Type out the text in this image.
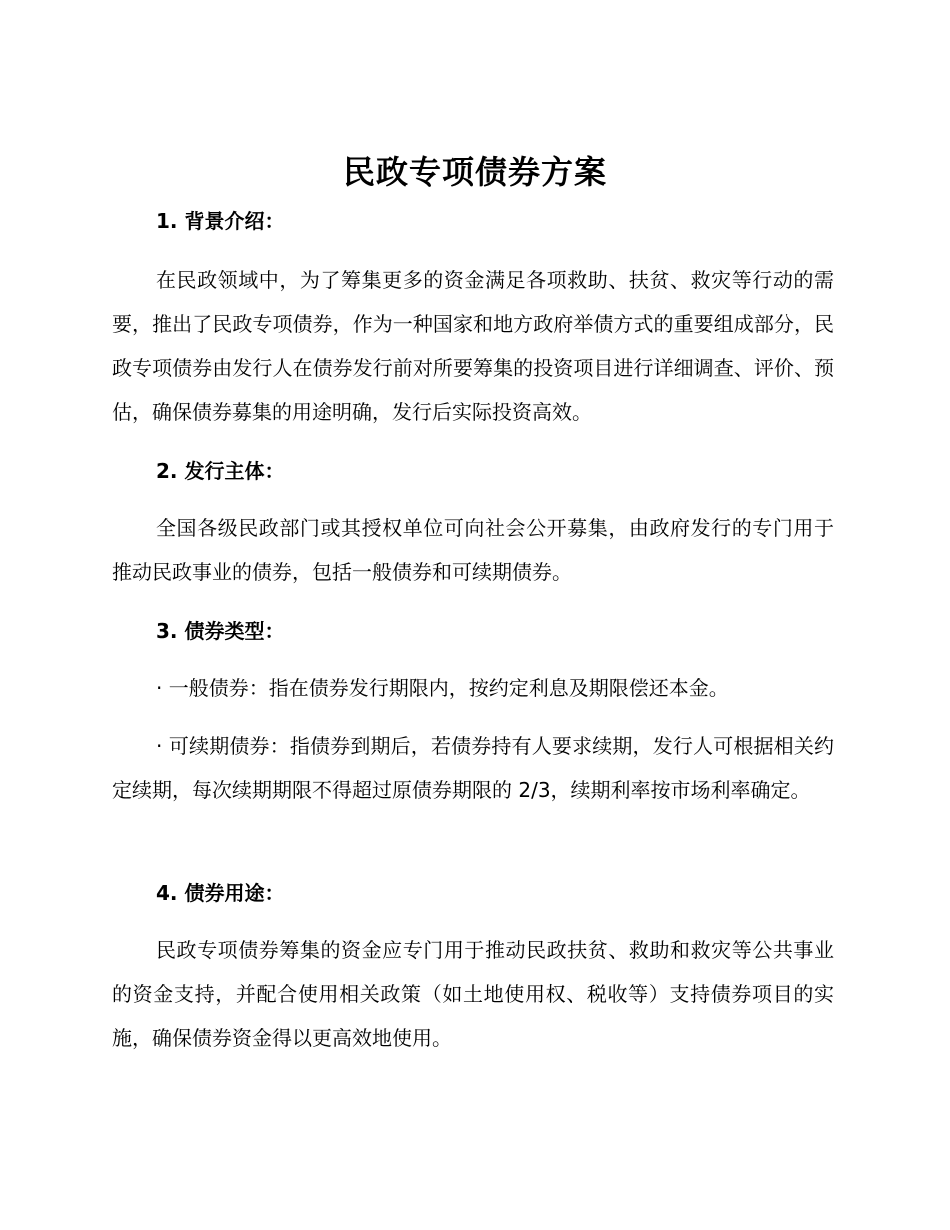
民政专项债券方案
1. 背景介绍：

在民政领域中，为了筹集更多的资金满足各项救助、扶贫、救灾等行动的需要，推出了民政专项债券，作为一种国家和地方政府举债方式的重要组成部分，民政专项债券由发行人在债券发行前对所要筹集的投资项目进行详细调查、评价、预估，确保债券募集的用途明确，发行后实际投资高效。

2. 发行主体：

全国各级民政部门或其授权单位可向社会公开募集，由政府发行的专门用于推动民政事业的债券，包括一般债券和可续期债券。

3. 债券类型：

· 一般债券：指在债券发行期限内，按约定利息及期限偿还本金。

· 可续期债券：指债券到期后，若债券持有人要求续期，发行人可根据相关约定续期，每次续期期限不得超过原债券期限的 2/3，续期利率按市场利率确定。

4. 债券用途：

民政专项债券筹集的资金应专门用于推动民政扶贫、救助和救灾等公共事业的资金支持，并配合使用相关政策（如土地使用权、税收等）支持债券项目的实施，确保债券资金得以更高效地使用。
